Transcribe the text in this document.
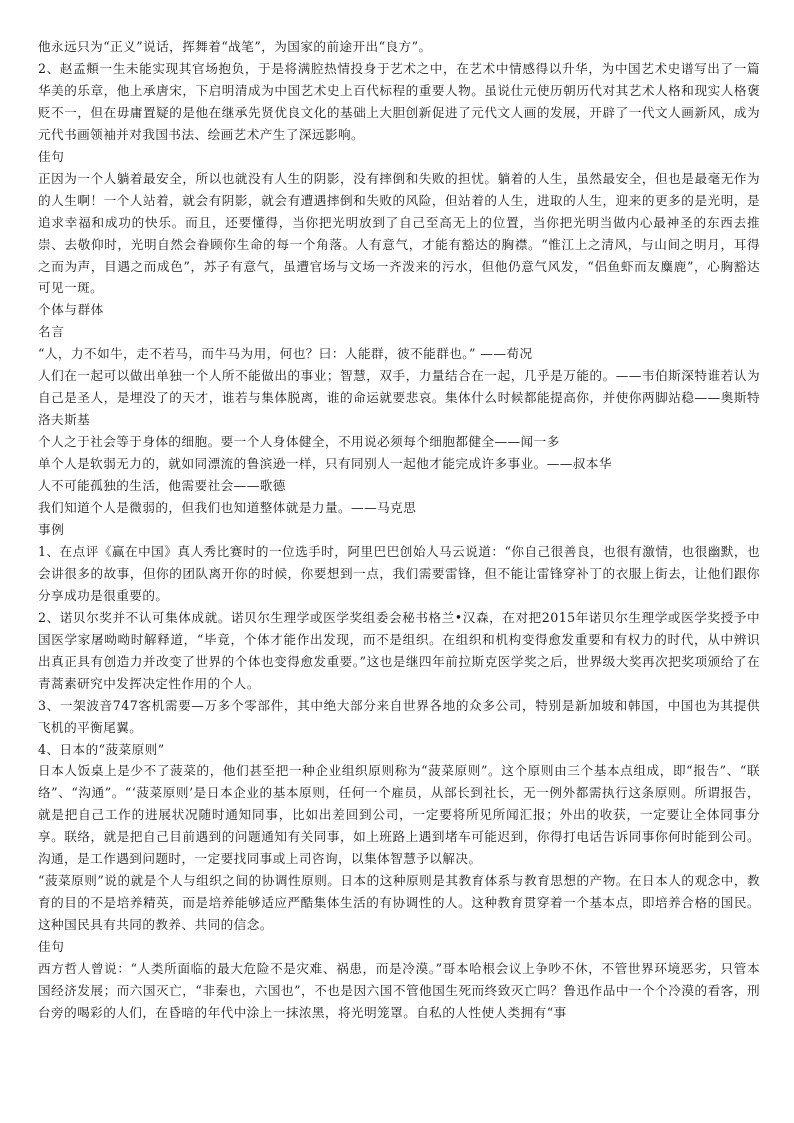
他永远只为“正义”说话，挥舞着“战笔”，为国家的前途开出“良方”。

2、赵孟頫一生未能实现其官场抱负，于是将满腔热情投身于艺术之中，在艺术中情感得以升华，为中国艺术史谱写出了一篇华美的乐章，他上承唐宋，下启明清成为中国艺术史上百代标程的重要人物。虽说仕元使历朝历代对其艺术人格和现实人格褒贬不一，但在毋庸置疑的是他在继承先贤优良文化的基础上大胆创新促进了元代文人画的发展，开辟了一代文人画新风，成为元代书画领袖并对我国书法、绘画艺术产生了深远影响。

佳句

正因为一个人躺着最安全，所以也就没有人生的阴影，没有摔倒和失败的担忧。躺着的人生，虽然最安全，但也是最毫无作为的人生啊！一个人站着，就会有阴影，就会有遭遇摔倒和失败的风险，但站着的人生，进取的人生，迎来的更多的是光明，是追求幸福和成功的快乐。而且，还要懂得，当你把光明放到了自己至高无上的位置，当你把光明当做内心最神圣的东西去推崇、去敬仰时，光明自然会眷顾你生命的每一个角落。人有意气，才能有豁达的胸襟。“惟江上之清风，与山间之明月，耳得之而为声，目遇之而成色”，苏子有意气，虽遭官场与文场一齐泼来的污水，但他仍意气风发，“侣鱼虾而友麋鹿”，心胸豁达可见一斑。

个体与群体

名言

“人，力不如牛，走不若马，而牛马为用，何也？曰：人能群，彼不能群也。” ——荀况

人们在一起可以做出单独一个人所不能做出的事业；智慧，双手，力量结合在一起，几乎是万能的。——韦伯斯深特谁若认为自己是圣人，是埋没了的天才，谁若与集体脱离，谁的命运就要悲哀。集体什么时候都能提高你，并使你两脚站稳——奥斯特洛夫斯基

个人之于社会等于身体的细胞。要一个人身体健全，不用说必须每个细胞都健全——闻一多

单个人是软弱无力的，就如同漂流的鲁滨逊一样，只有同别人一起他才能完成许多事业。——叔本华

人不可能孤独的生活，他需要社会——歌德

我们知道个人是微弱的，但我们也知道整体就是力量。——马克思

事例

1、在点评《赢在中国》真人秀比赛时的一位选手时，阿里巴巴创始人马云说道：“你自己很善良，也很有激情，也很幽默，也会讲很多的故事，但你的团队离开你的时候，你要想到一点，我们需要雷锋，但不能让雷锋穿补丁的衣服上街去，让他们跟你分享成功是很重要的。

2、诺贝尔奖并不认可集体成就。诺贝尔生理学或医学奖组委会秘书格兰•汉森，在对把2015年诺贝尔生理学或医学奖授予中国医学家屠呦呦时解释道，“毕竟，个体才能作出发现，而不是组织。在组织和机构变得愈发重要和有权力的时代，从中辨识出真正具有创造力并改变了世界的个体也变得愈发重要。”这也是继四年前拉斯克医学奖之后，世界级大奖再次把奖项颁给了在青蒿素研究中发挥决定性作用的个人。

3、一架波音747客机需要—万多个零部件，其中绝大部分来自世界各地的众多公司，特别是新加坡和韩国，中国也为其提供飞机的平衡尾翼。

4、日本的“菠菜原则”

日本人饭桌上是少不了菠菜的，他们甚至把一种企业组织原则称为“菠菜原则”。这个原则由三个基本点组成，即“报告”、“联络”、“沟通”。“‘菠菜原则’是日本企业的基本原则，任何一个雇员，从部长到社长，无一例外都需执行这条原则。所谓报告，就是把自己工作的进展状况随时通知同事，比如出差回到公司，一定要将所见所闻汇报；外出的收获，一定要让全体同事分享。联络，就是把自己目前遇到的问题通知有关同事，如上班路上遇到堵车可能迟到，你得打电话告诉同事你何时能到公司。沟通，是工作遇到问题时，一定要找同事或上司咨询，以集体智慧予以解决。

“菠菜原则”说的就是个人与组织之间的协调性原则。日本的这种原则是其教育体系与教育思想的产物。在日本人的观念中，教育的目的不是培养精英，而是培养能够适应严酷集体生活的有协调性的人。这种教育贯穿着一个基本点，即培养合格的国民。这种国民具有共同的教养、共同的信念。

佳句

西方哲人曾说：“人类所面临的最大危险不是灾难、祸患，而是冷漠。”哥本哈根会议上争吵不休，不管世界环境恶劣，只管本国经济发展；而六国灭亡，“非秦也，六国也”，不也是因六国不管他国生死而终致灭亡吗？鲁迅作品中一个个冷漠的看客，刑台旁的喝彩的人们，在昏暗的年代中涂上一抹浓黑，将光明笼罩。自私的人性使人类拥有“事
